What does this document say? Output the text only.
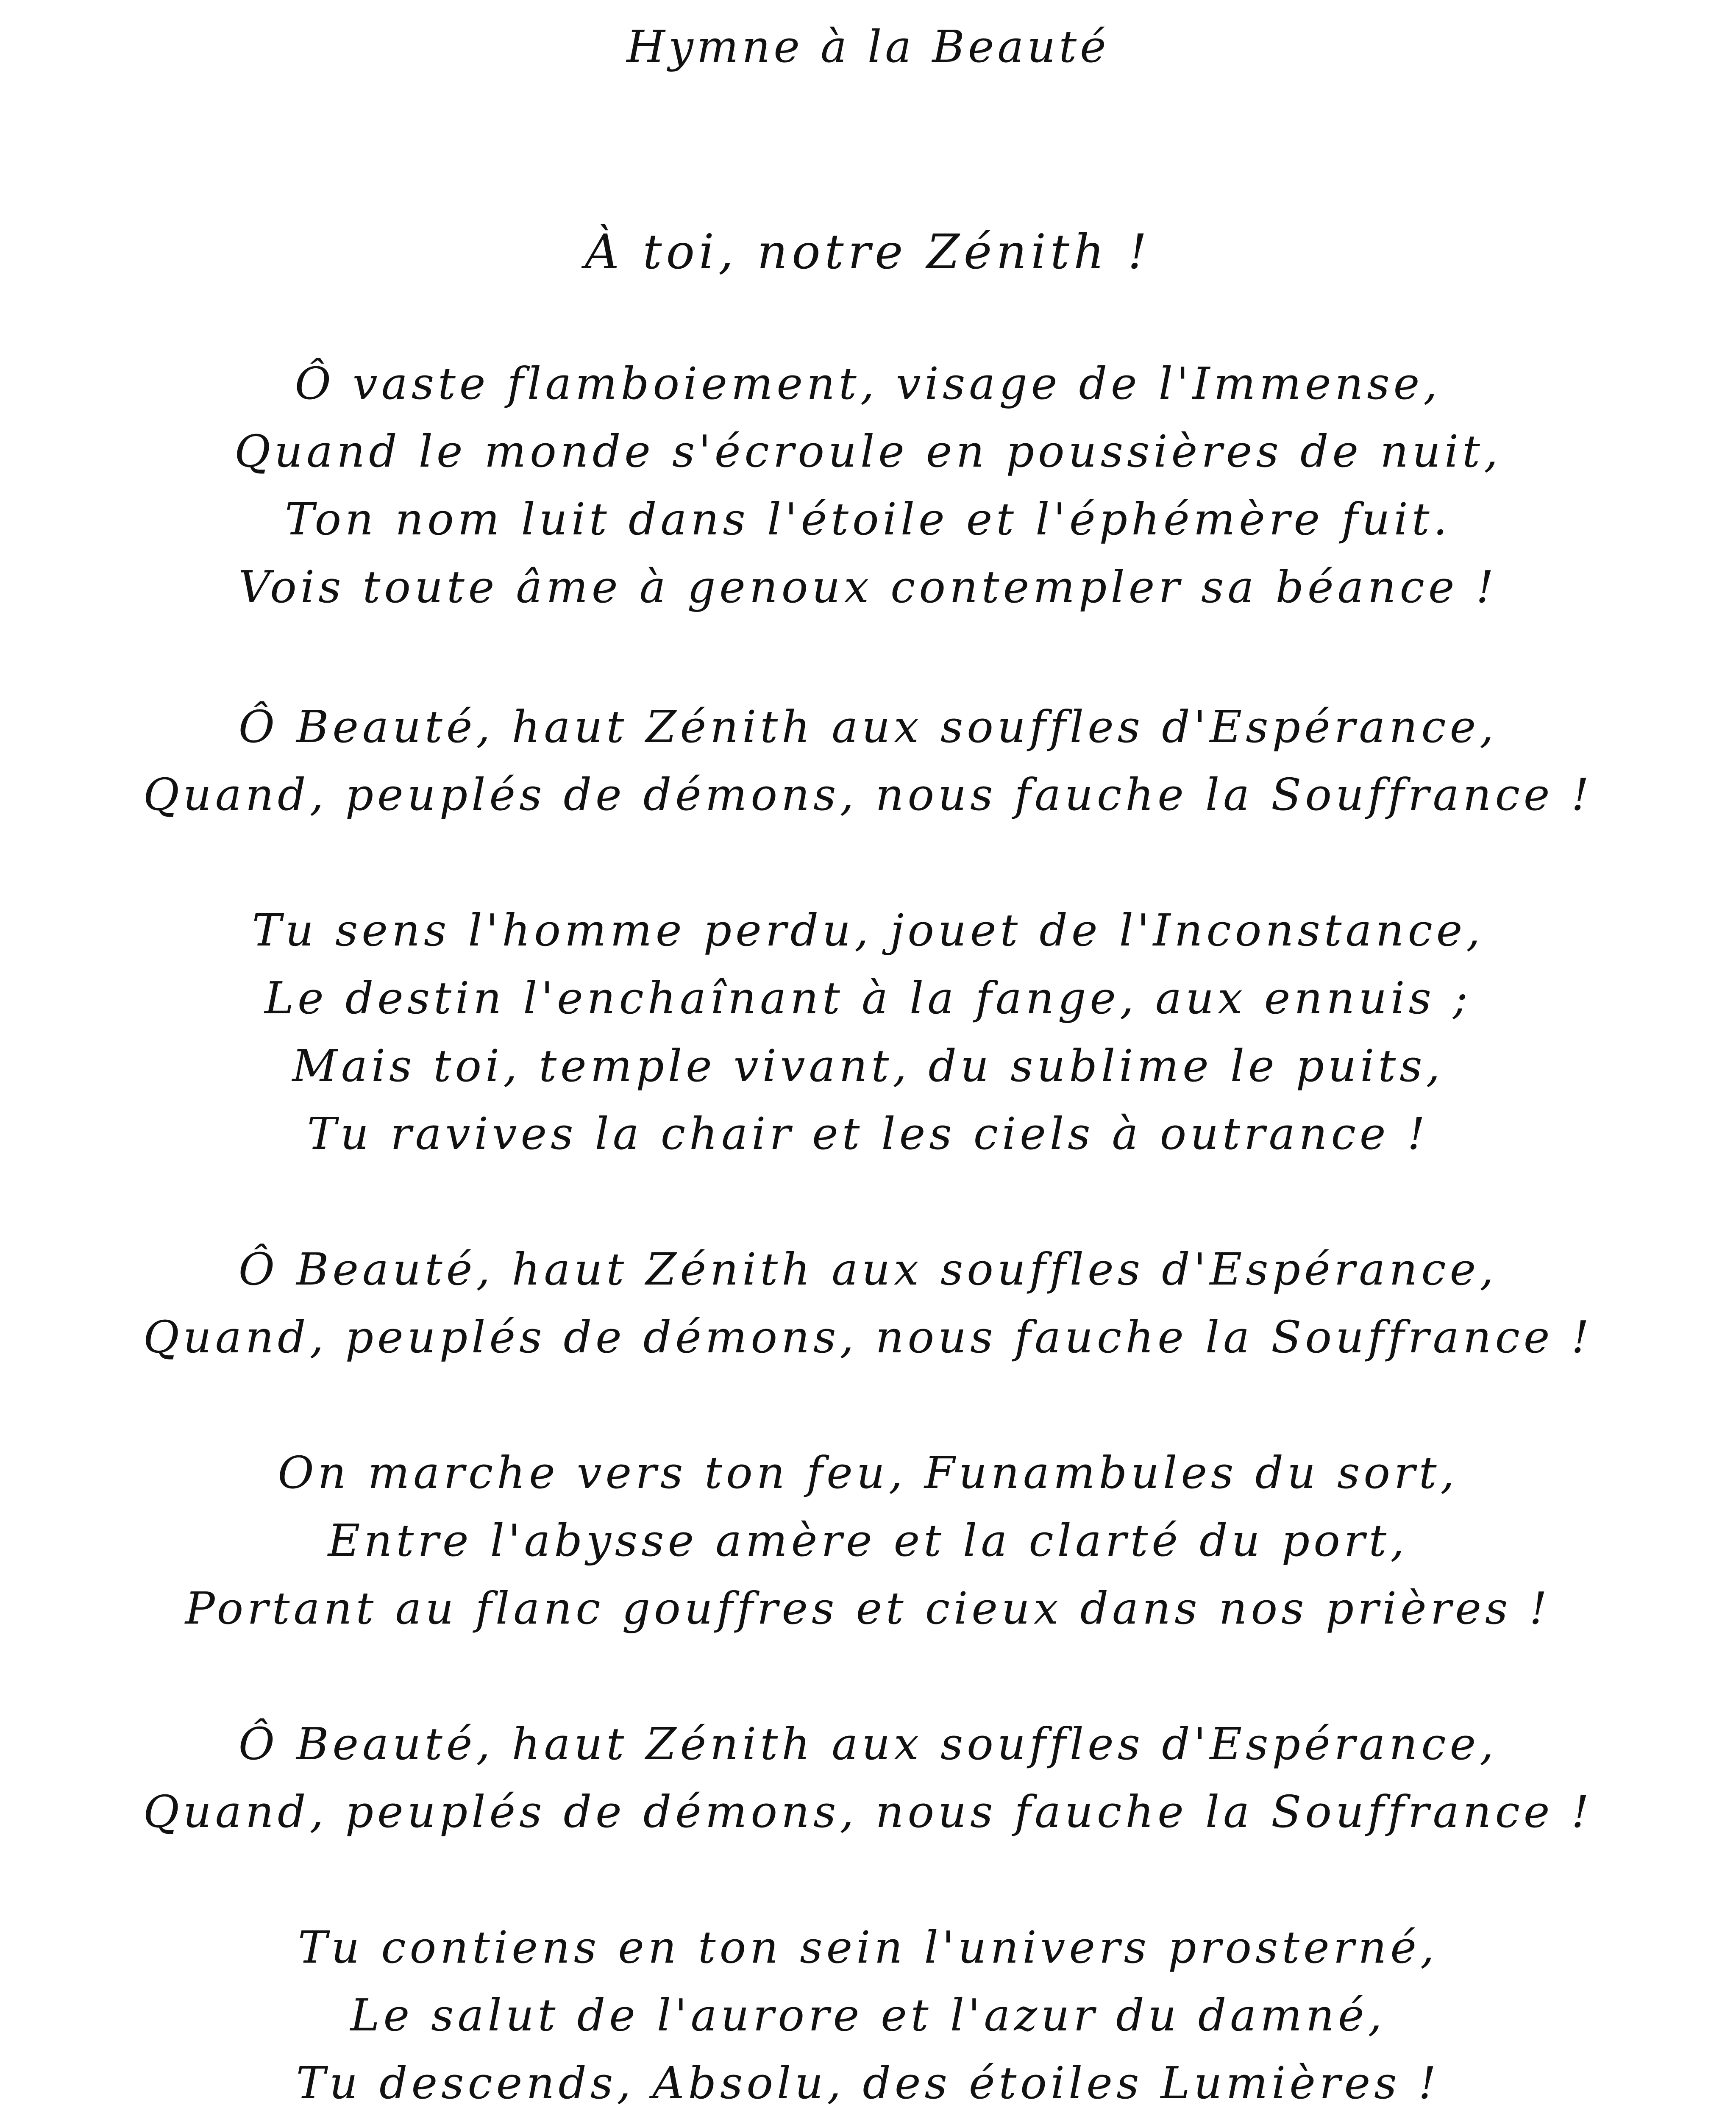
Hymne à la Beauté
À toi, notre Zénith !
Ô vaste flamboiement, visage de l'Immense,
Quand le monde s'écroule en poussières de nuit,
Ton nom luit dans l'étoile et l'éphémère fuit.
Vois toute âme à genoux contempler sa béance !
Ô Beauté, haut Zénith aux souffles d'Espérance,
Quand, peuplés de démons, nous fauche la Souffrance !
Tu sens l'homme perdu, jouet de l'Inconstance,
Le destin l'enchaînant à la fange, aux ennuis ;
Mais toi, temple vivant, du sublime le puits,
Tu ravives la chair et les ciels à outrance !
Ô Beauté, haut Zénith aux souffles d'Espérance,
Quand, peuplés de démons, nous fauche la Souffrance !
On marche vers ton feu, Funambules du sort,
Entre l'abysse amère et la clarté du port,
Portant au flanc gouffres et cieux dans nos prières !
Ô Beauté, haut Zénith aux souffles d'Espérance,
Quand, peuplés de démons, nous fauche la Souffrance !
Tu contiens en ton sein l'univers prosterné,
Le salut de l'aurore et l'azur du damné,
Tu descends, Absolu, des étoiles Lumières !
